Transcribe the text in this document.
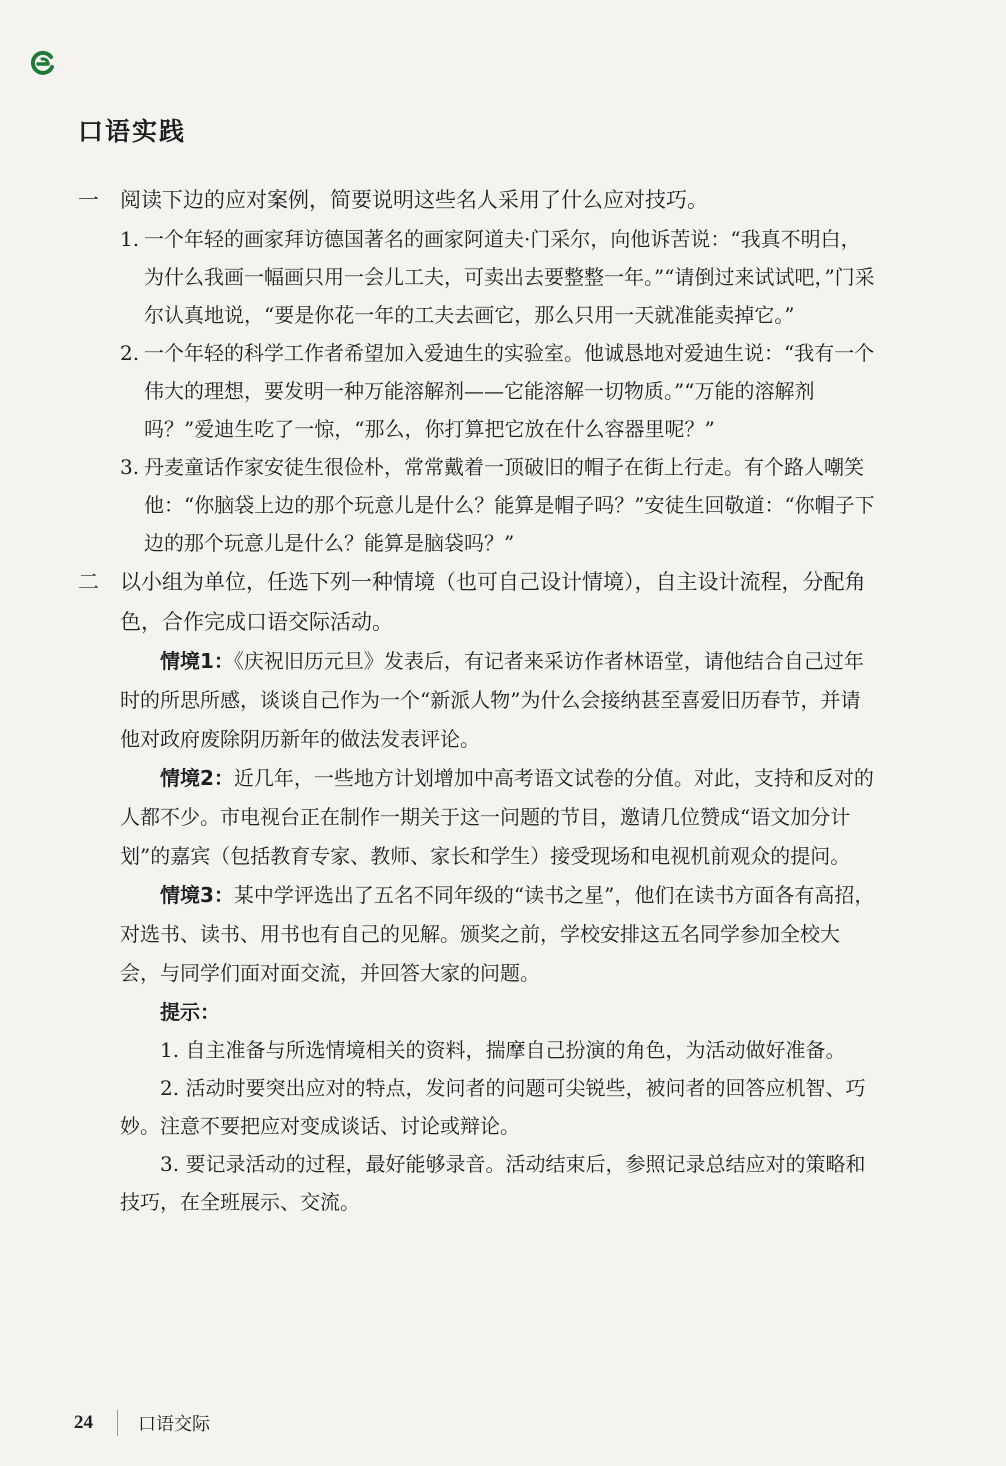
口语实践
一	阅读下边的应对案例，简要说明这些名人采用了什么应对技巧。
1. 一个年轻的画家拜访德国著名的画家阿道夫·门采尔，向他诉苦说：“我真不明白，为什么我画一幅画只用一会儿工夫，可卖出去要整整一年。”“请倒过来试试吧，”门采尔认真地说，“要是你花一年的工夫去画它，那么只用一天就准能卖掉它。”
2. 一个年轻的科学工作者希望加入爱迪生的实验室。他诚恳地对爱迪生说：“我有一个伟大的理想，要发明一种万能溶解剂——它能溶解一切物质。”“万能的溶解剂吗？”爱迪生吃了一惊，“那么，你打算把它放在什么容器里呢？”
3. 丹麦童话作家安徒生很俭朴，常常戴着一顶破旧的帽子在街上行走。有个路人嘲笑他：“你脑袋上边的那个玩意儿是什么？能算是帽子吗？”安徒生回敬道：“你帽子下边的那个玩意儿是什么？能算是脑袋吗？”
二	以小组为单位，任选下列一种情境（也可自己设计情境），自主设计流程，分配角色，合作完成口语交际活动。
情境1：《庆祝旧历元旦》发表后，有记者来采访作者林语堂，请他结合自己过年时的所思所感，谈谈自己作为一个“新派人物”为什么会接纳甚至喜爱旧历春节，并请他对政府废除阴历新年的做法发表评论。
情境2：近几年，一些地方计划增加中高考语文试卷的分值。对此，支持和反对的人都不少。市电视台正在制作一期关于这一问题的节目，邀请几位赞成“语文加分计划”的嘉宾（包括教育专家、教师、家长和学生）接受现场和电视机前观众的提问。
情境3：某中学评选出了五名不同年级的“读书之星”，他们在读书方面各有高招，对选书、读书、用书也有自己的见解。颁奖之前，学校安排这五名同学参加全校大会，与同学们面对面交流，并回答大家的问题。
提示：
1. 自主准备与所选情境相关的资料，揣摩自己扮演的角色，为活动做好准备。
2. 活动时要突出应对的特点，发问者的问题可尖锐些，被问者的回答应机智、巧妙。注意不要把应对变成谈话、讨论或辩论。
3. 要记录活动的过程，最好能够录音。活动结束后，参照记录总结应对的策略和技巧，在全班展示、交流。
24	口语交际
